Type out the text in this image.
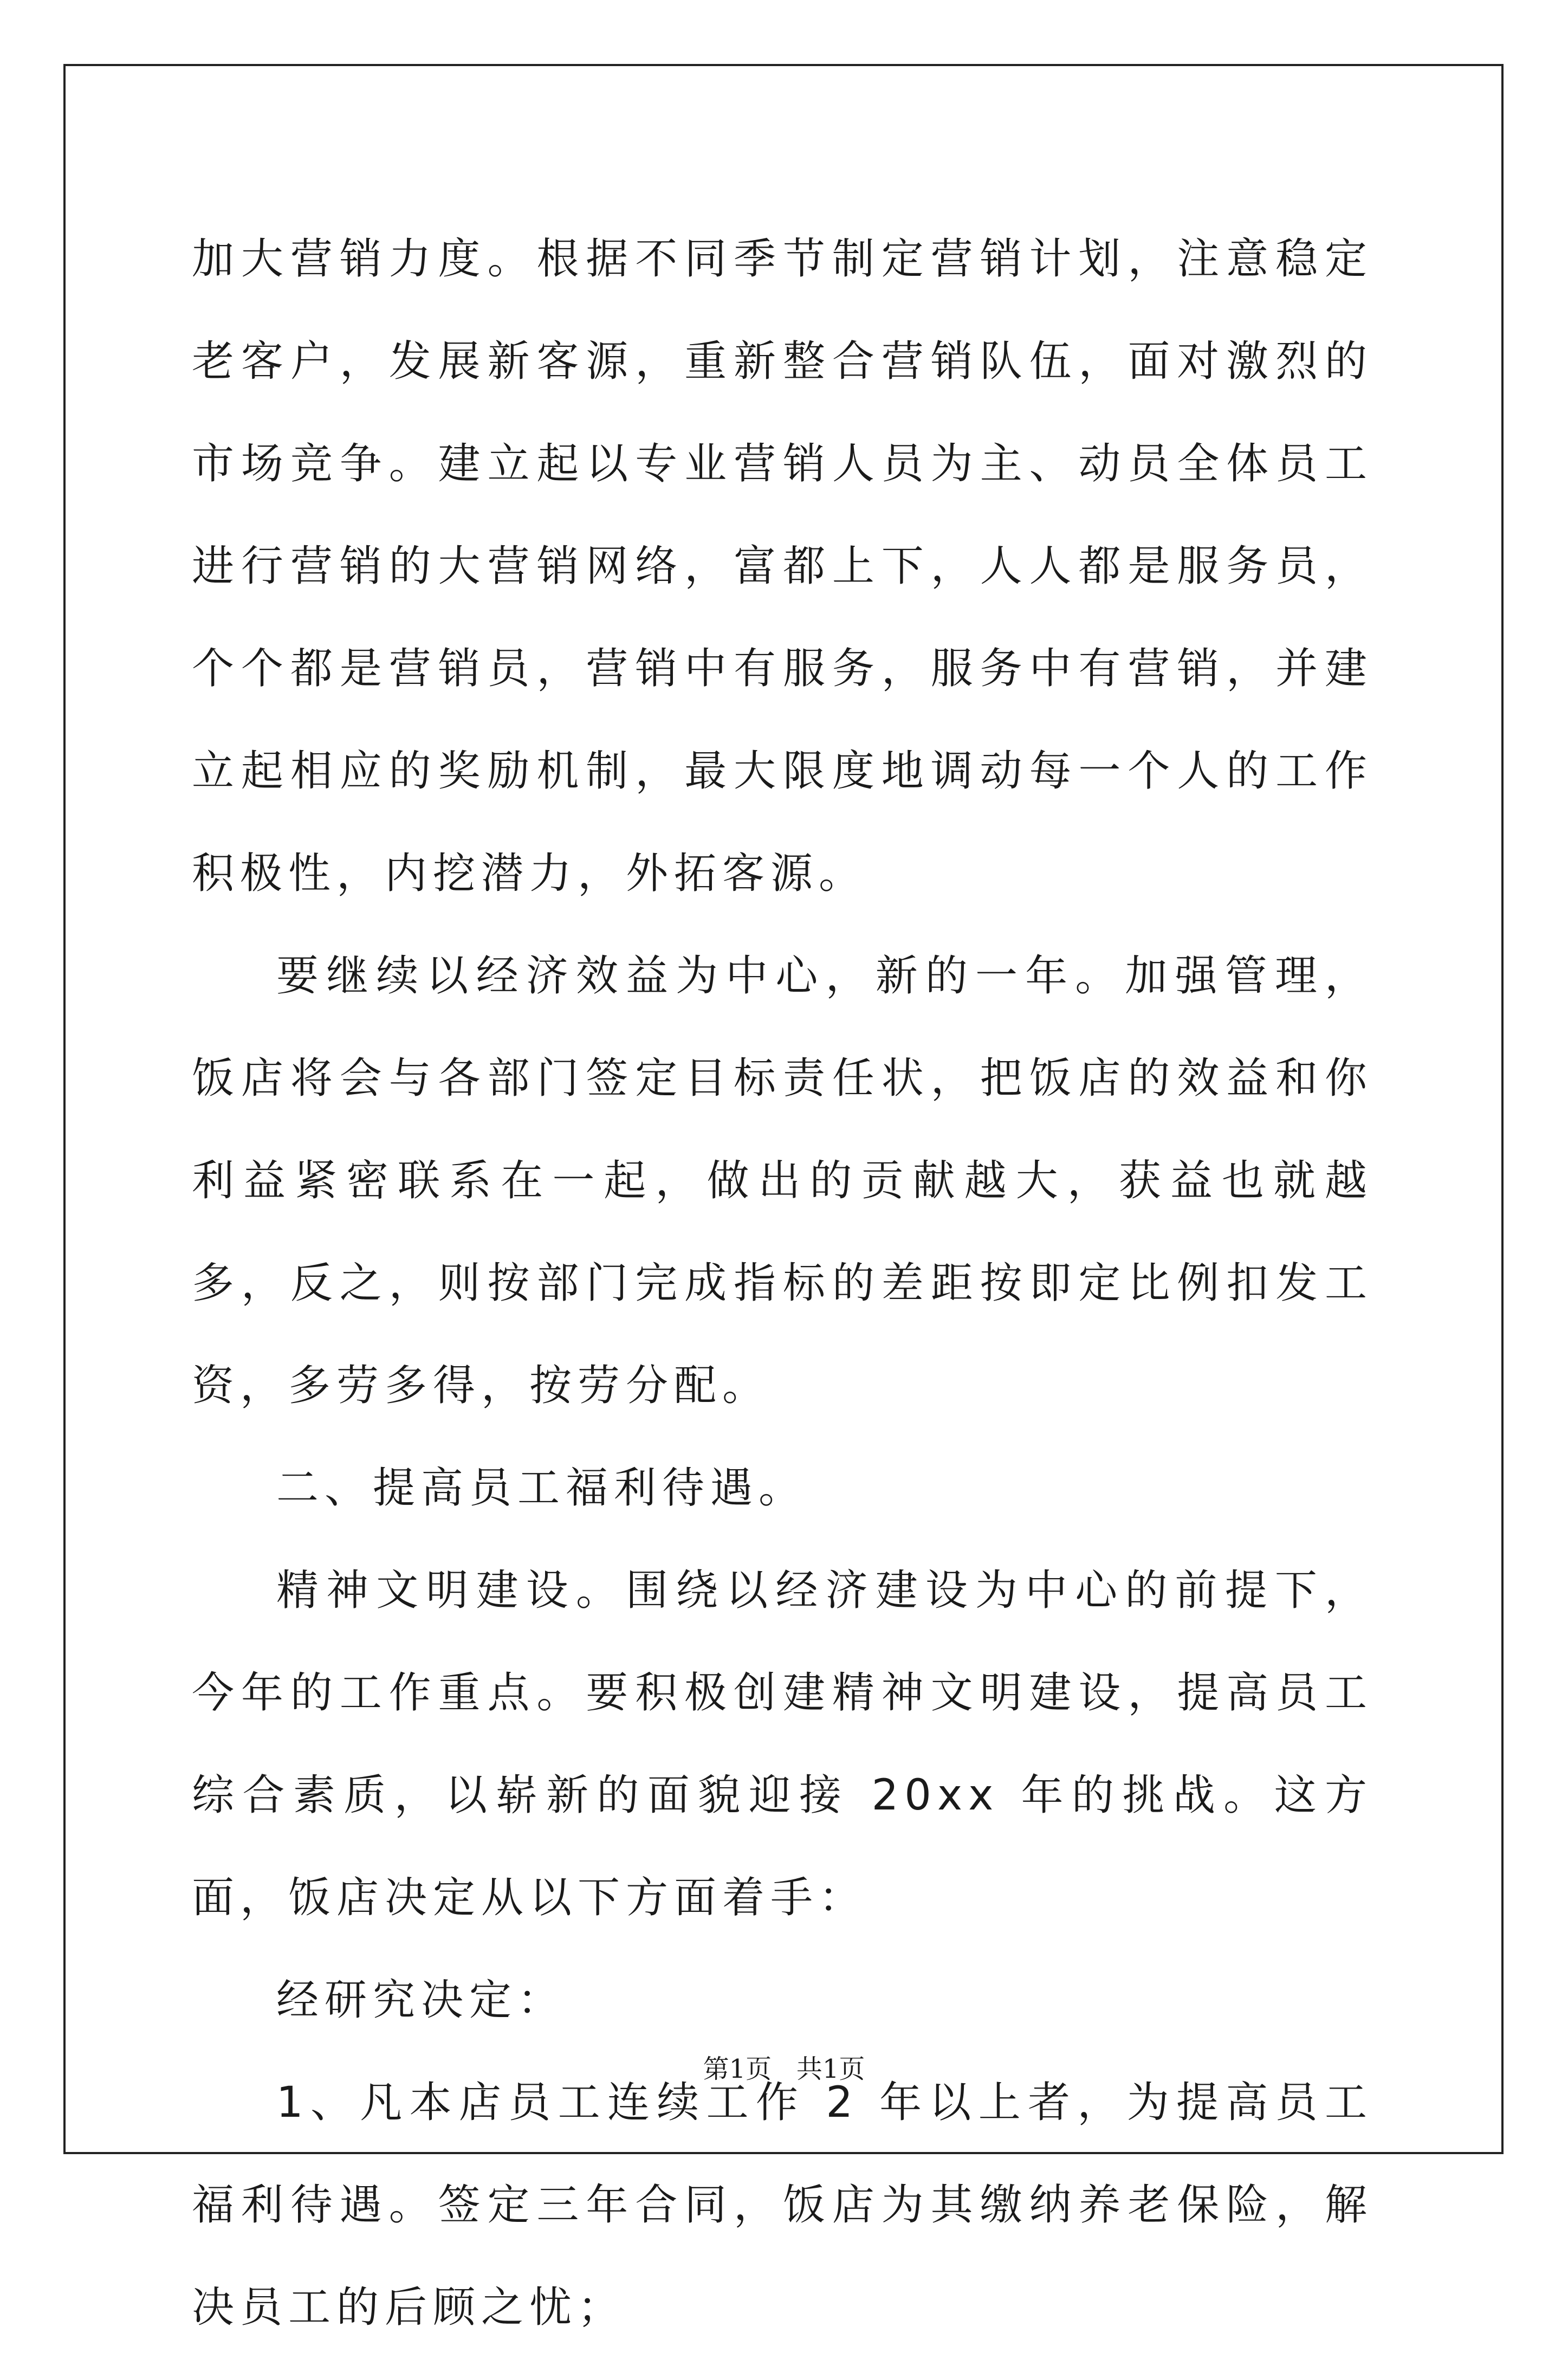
加大营销力度。根据不同季节制定营销计划，注意稳定老客户，发展新客源，重新整合营销队伍，面对激烈的市场竞争。建立起以专业营销人员为主、动员全体员工进行营销的大营销网络，富都上下，人人都是服务员，个个都是营销员，营销中有服务，服务中有营销，并建立起相应的奖励机制，最大限度地调动每一个人的工作积极性，内挖潜力，外拓客源。

要继续以经济效益为中心，新的一年。加强管理，饭店将会与各部门签定目标责任状，把饭店的效益和你利益紧密联系在一起，做出的贡献越大，获益也就越多，反之，则按部门完成指标的差距按即定比例扣发工资，多劳多得，按劳分配。

二、提高员工福利待遇。

精神文明建设。围绕以经济建设为中心的前提下，今年的工作重点。要积极创建精神文明建设，提高员工综合素质，以崭新的面貌迎接 20xx 年的挑战。这方面，饭店决定从以下方面着手：

经研究决定：

1、凡本店员工连续工作 2 年以上者，为提高员工福利待遇。签定三年合同，饭店为其缴纳养老保险，解决员工的后顾之忧；

第1页   共1页
